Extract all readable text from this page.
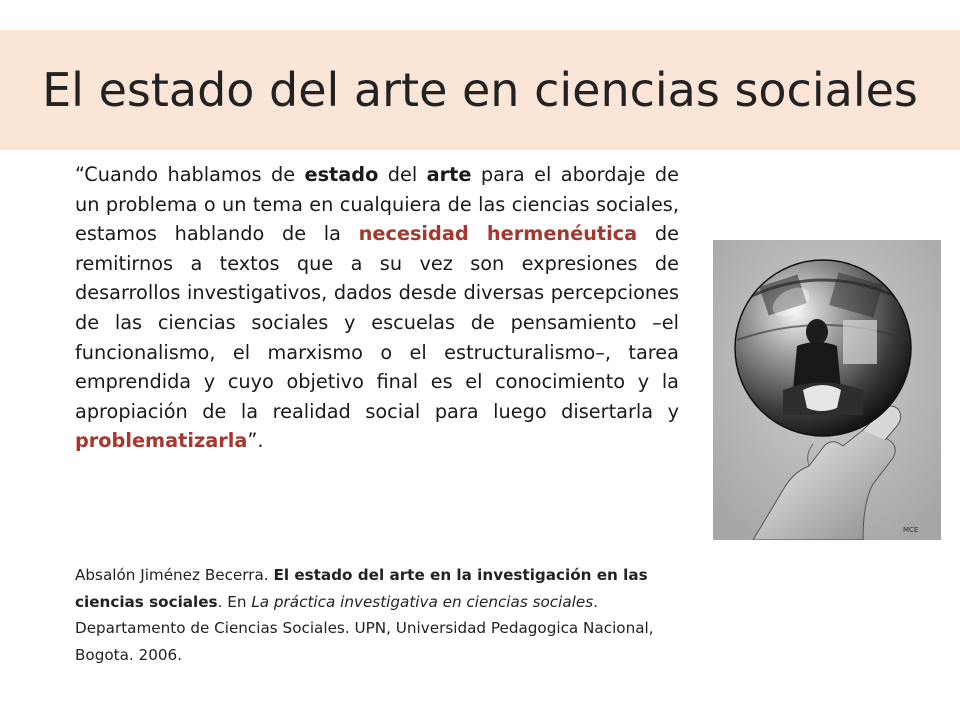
El estado del arte en ciencias sociales

“Cuando hablamos de estado del arte para el abordaje de un problema o un tema en cualquiera de las ciencias sociales, estamos hablando de la necesidad hermenéutica de remitirnos a textos que a su vez son expresiones de desarrollos investigativos, dados desde diversas percepciones de las ciencias sociales y escuelas de pensamiento –el funcionalismo, el marxismo o el estructuralismo–, tarea emprendida y cuyo objetivo final es el conocimiento y la apropiación de la realidad social para luego disertarla y problematizarla”.

Absalón Jiménez Becerra. El estado del arte en la investigación en las ciencias sociales. En La práctica investigativa en ciencias sociales. Departamento de Ciencias Sociales. UPN, Universidad Pedagogica Nacional, Bogota. 2006.

MCE
